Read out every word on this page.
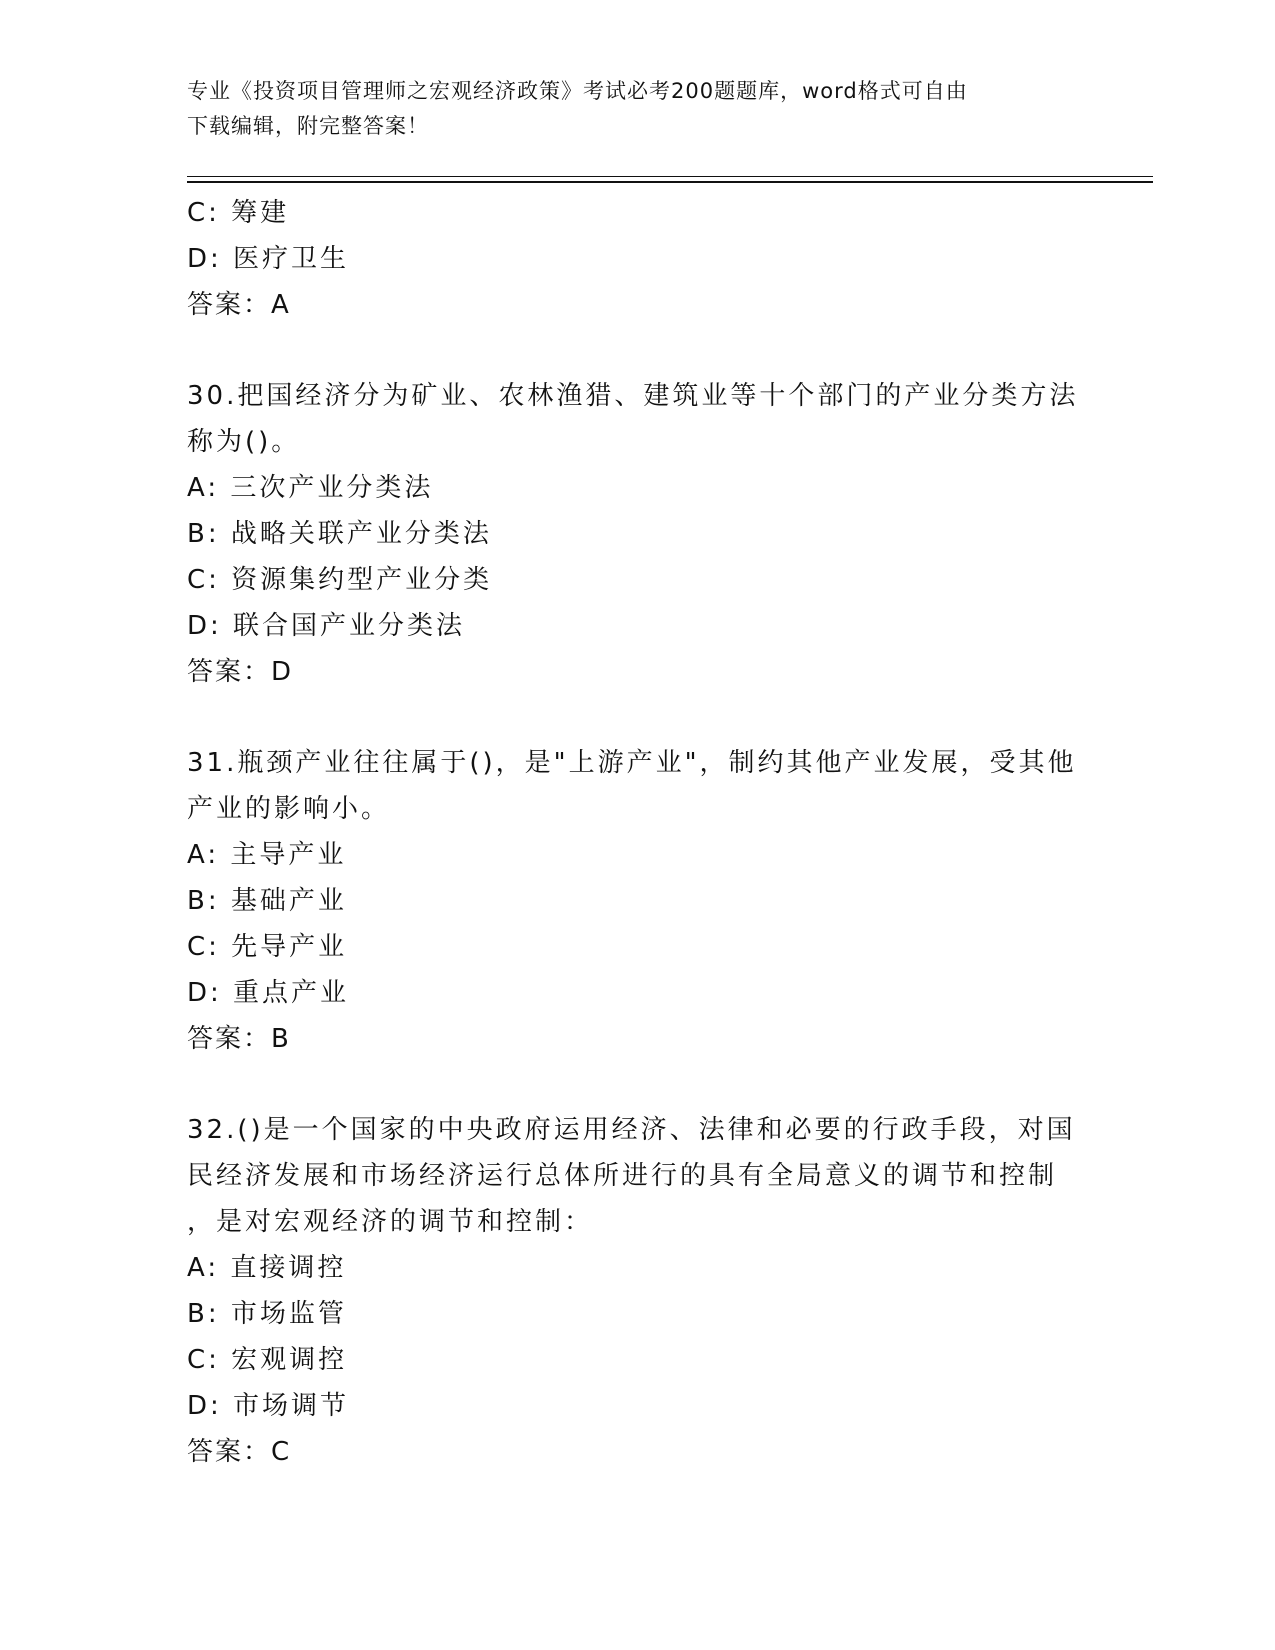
专业《投资项目管理师之宏观经济政策》考试必考200题题库，word格式可自由
下载编辑，附完整答案！
C: 筹建
D: 医疗卫生
答案：A
30.把国经济分为矿业、农林渔猎、建筑业等十个部门的产业分类方法
称为()。
A: 三次产业分类法
B: 战略关联产业分类法
C: 资源集约型产业分类
D: 联合国产业分类法
答案：D
31.瓶颈产业往往属于()，是"上游产业"，制约其他产业发展，受其他
产业的影响小。
A: 主导产业
B: 基础产业
C: 先导产业
D: 重点产业
答案：B
32.()是一个国家的中央政府运用经济、法律和必要的行政手段，对国
民经济发展和市场经济运行总体所进行的具有全局意义的调节和控制
，是对宏观经济的调节和控制：
A: 直接调控
B: 市场监管
C: 宏观调控
D: 市场调节
答案：C
